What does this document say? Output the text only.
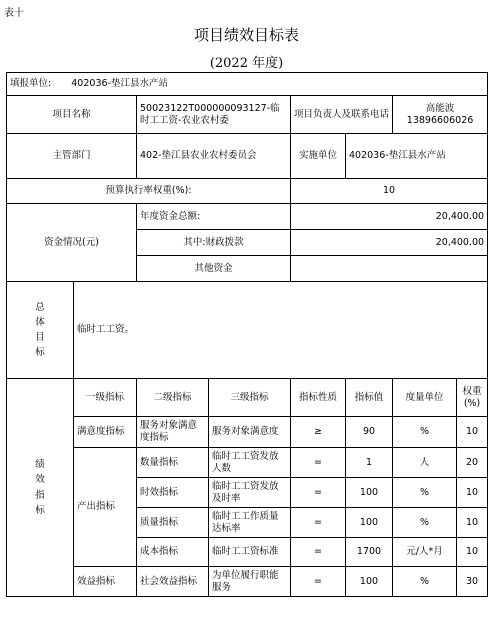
表十
项目绩效目标表
(2022 年度)
填报单位: 402036-垫江县水产站							
项目名称		50023122T000000093127-临时工工资-农业农村委		项目负责人及联系电话		高能波
13896606026	

主管部门		402-垫江县农业农村委员会		实施单位	402036-垫江县水产站		
预算执行率权重(%):				10			
资金情况(元)		年度资金总额:		20,400.00			
		其中:财政拨款		20,400.00			
		其他资金					

总
体
目
标	临时工工资。						

绩
效
指
标	一级指标	二级指标	三级指标	指标性质	指标值	度量单位	权重(%)
	满意度指标	服务对象满意度指标	服务对象满意度	≥	90	%	10
	产出指标	数量指标	临时工工资发放人数	=	1	人	20
		时效指标	临时工工资发放及时率	=	100	%	10
		质量指标	临时工工作质量达标率	=	100	%	10
		成本指标	临时工工资标准	=	1700	元/人*月	10
	效益指标	社会效益指标	为单位履行职能服务	=	100	%	30
